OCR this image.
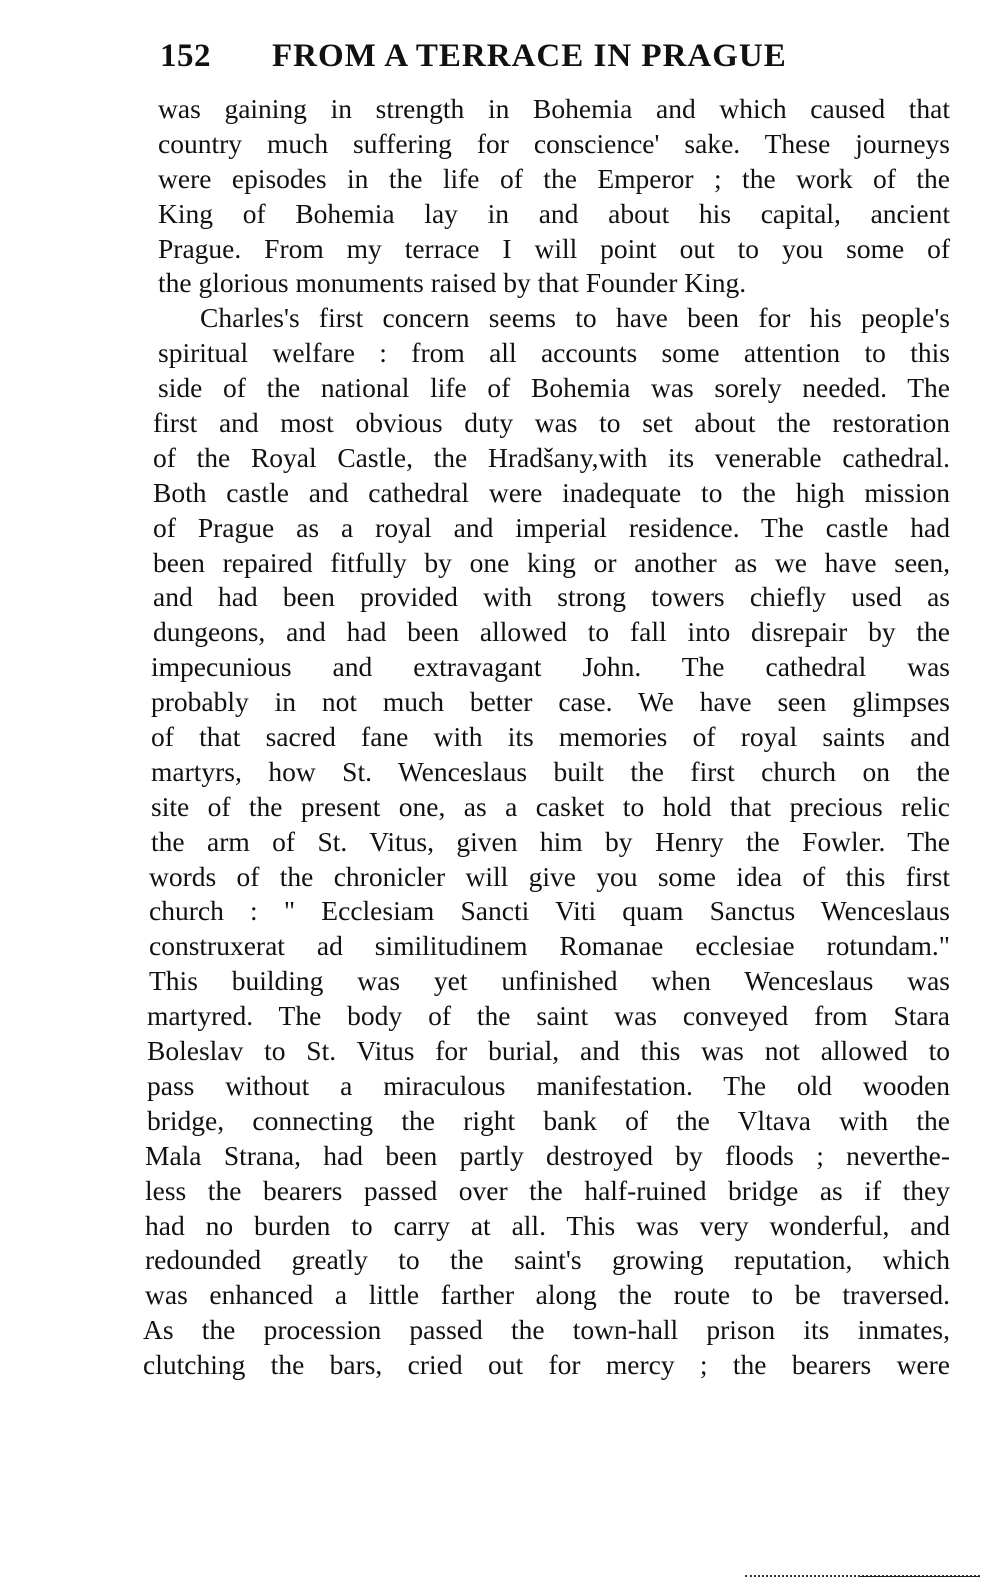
152 FROM A TERRACE IN PRAGUE
was gaining in strength in Bohemia and which caused that
country much suffering for conscience' sake. These journeys
were episodes in the life of the Emperor ; the work of the
King of Bohemia lay in and about his capital, ancient
Prague. From my terrace I will point out to you some of
the glorious monuments raised by that Founder King.
Charles's first concern seems to have been for his people's
spiritual welfare : from all accounts some attention to this
side of the national life of Bohemia was sorely needed. The
first and most obvious duty was to set about the restoration
of the Royal Castle, the Hradšany,with its venerable cathedral.
Both castle and cathedral were inadequate to the high mission
of Prague as a royal and imperial residence. The castle had
been repaired fitfully by one king or another as we have seen,
and had been provided with strong towers chiefly used as
dungeons, and had been allowed to fall into disrepair by the
impecunious and extravagant John. The cathedral was
probably in not much better case. We have seen glimpses
of that sacred fane with its memories of royal saints and
martyrs, how St. Wenceslaus built the first church on the
site of the present one, as a casket to hold that precious relic
the arm of St. Vitus, given him by Henry the Fowler. The
words of the chronicler will give you some idea of this first
church : " Ecclesiam Sancti Viti quam Sanctus Wenceslaus
construxerat ad similitudinem Romanae ecclesiae rotundam."
This building was yet unfinished when Wenceslaus was
martyred. The body of the saint was conveyed from Stara
Boleslav to St. Vitus for burial, and this was not allowed to
pass without a miraculous manifestation. The old wooden
bridge, connecting the right bank of the Vltava with the
Mala Strana, had been partly destroyed by floods ; neverthe-
less the bearers passed over the half-ruined bridge as if they
had no burden to carry at all. This was very wonderful, and
redounded greatly to the saint's growing reputation, which
was enhanced a little farther along the route to be traversed.
As the procession passed the town-hall prison its inmates,
clutching the bars, cried out for mercy ; the bearers were
